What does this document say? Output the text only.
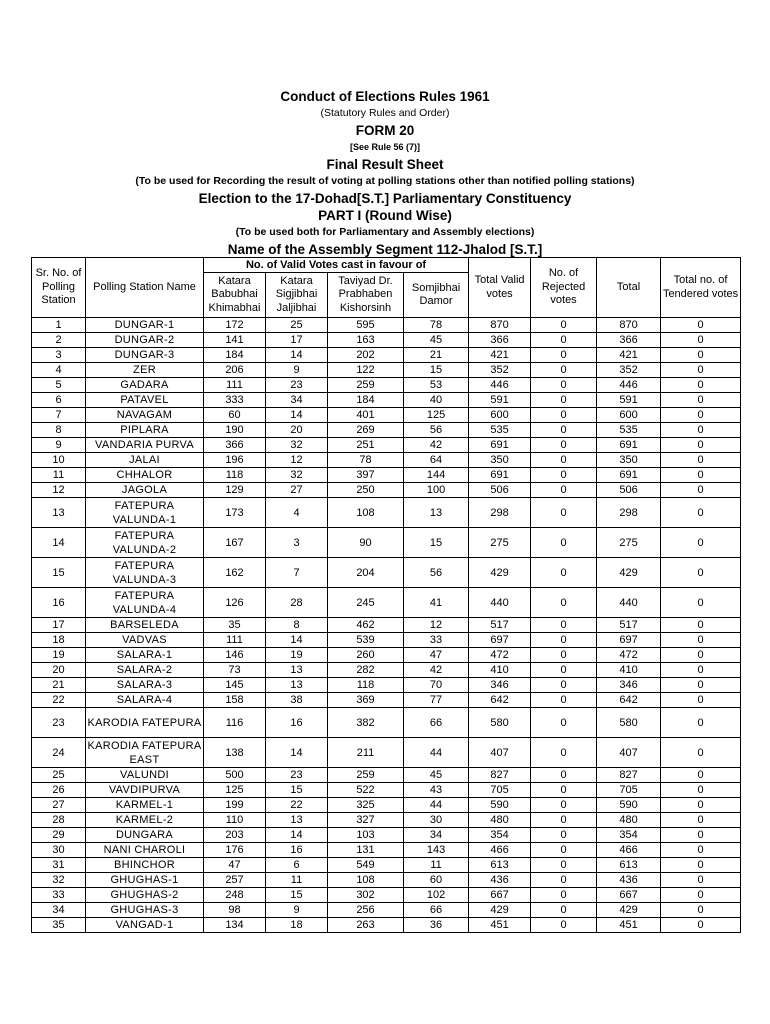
Conduct of Elections Rules 1961
(Statutory Rules and Order)
FORM 20
[See Rule 56 (7)]
Final Result Sheet
(To be used for Recording the result of voting at polling stations other than notified polling stations)
Election to the 17-Dohad[S.T.] Parliamentary Constituency
PART I (Round Wise)
(To be used both for Parliamentary and Assembly elections)
Name of the Assembly Segment 112-Jhalod [S.T.]
Sr. No. of Polling Station	Polling Station Name	No. of Valid Votes cast in favour of				Total Valid votes	No. of Rejected votes	Total	Total no. of Tendered votes
		Katara Babubhai Khimabhai	Katara Sigjibhai Jaljibhai	Taviyad Dr. Prabhaben Kishorsinh	Somjibhai Damor				
1	DUNGAR-1	172	25	595	78	870	0	870	0
2	DUNGAR-2	141	17	163	45	366	0	366	0
3	DUNGAR-3	184	14	202	21	421	0	421	0
4	ZER	206	9	122	15	352	0	352	0
5	GADARA	111	23	259	53	446	0	446	0
6	PATAVEL	333	34	184	40	591	0	591	0
7	NAVAGAM	60	14	401	125	600	0	600	0
8	PIPLARA	190	20	269	56	535	0	535	0
9	VANDARIA PURVA	366	32	251	42	691	0	691	0
10	JALAI	196	12	78	64	350	0	350	0
11	CHHALOR	118	32	397	144	691	0	691	0
12	JAGOLA	129	27	250	100	506	0	506	0
13	FATEPURA VALUNDA-1	173	4	108	13	298	0	298	0
14	FATEPURA VALUNDA-2	167	3	90	15	275	0	275	0
15	FATEPURA VALUNDA-3	162	7	204	56	429	0	429	0
16	FATEPURA VALUNDA-4	126	28	245	41	440	0	440	0
17	BARSELEDA	35	8	462	12	517	0	517	0
18	VADVAS	111	14	539	33	697	0	697	0
19	SALARA-1	146	19	260	47	472	0	472	0
20	SALARA-2	73	13	282	42	410	0	410	0
21	SALARA-3	145	13	118	70	346	0	346	0
22	SALARA-4	158	38	369	77	642	0	642	0
23	KARODIA FATEPURA	116	16	382	66	580	0	580	0
24	KARODIA FATEPURA EAST	138	14	211	44	407	0	407	0
25	VALUNDI	500	23	259	45	827	0	827	0
26	VAVDIPURVA	125	15	522	43	705	0	705	0
27	KARMEL-1	199	22	325	44	590	0	590	0
28	KARMEL-2	110	13	327	30	480	0	480	0
29	DUNGARA	203	14	103	34	354	0	354	0
30	NANI CHAROLI	176	16	131	143	466	0	466	0
31	BHINCHOR	47	6	549	11	613	0	613	0
32	GHUGHAS-1	257	11	108	60	436	0	436	0
33	GHUGHAS-2	248	15	302	102	667	0	667	0
34	GHUGHAS-3	98	9	256	66	429	0	429	0
35	VANGAD-1	134	18	263	36	451	0	451	0
